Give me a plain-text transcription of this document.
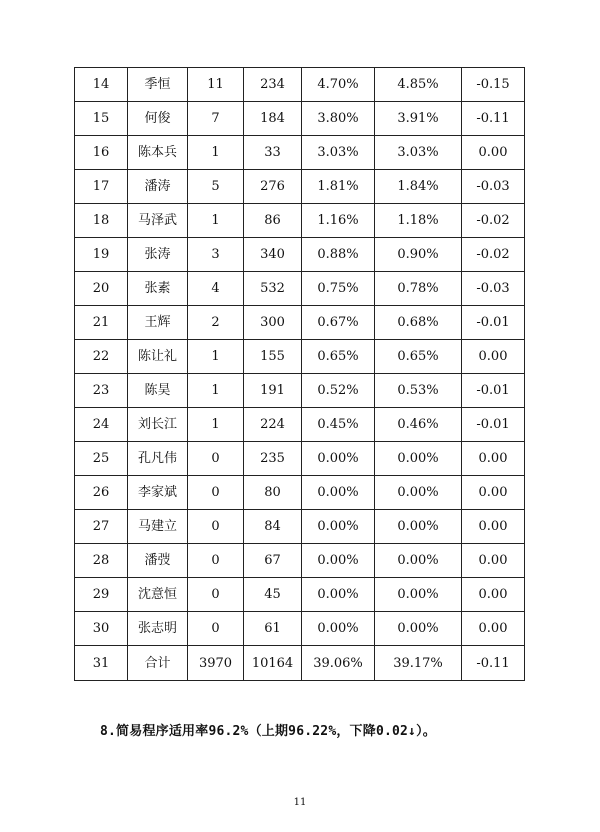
14	季恒	11	234	4.70%	4.85%	-0.15
15	何俊	7	184	3.80%	3.91%	-0.11
16	陈本兵	1	33	3.03%	3.03%	0.00
17	潘涛	5	276	1.81%	1.84%	-0.03
18	马泽武	1	86	1.16%	1.18%	-0.02
19	张涛	3	340	0.88%	0.90%	-0.02
20	张素	4	532	0.75%	0.78%	-0.03
21	王辉	2	300	0.67%	0.68%	-0.01
22	陈让礼	1	155	0.65%	0.65%	0.00
23	陈昊	1	191	0.52%	0.53%	-0.01
24	刘长江	1	224	0.45%	0.46%	-0.01
25	孔凡伟	0	235	0.00%	0.00%	0.00
26	李家斌	0	80	0.00%	0.00%	0.00
27	马建立	0	84	0.00%	0.00%	0.00
28	潘弢	0	67	0.00%	0.00%	0.00
29	沈意恒	0	45	0.00%	0.00%	0.00
30	张志明	0	61	0.00%	0.00%	0.00
31	合计	3970	10164	39.06%	39.17%	-0.11
8.简易程序适用率96.2%（上期96.22%，下降0.02↓）。
11
